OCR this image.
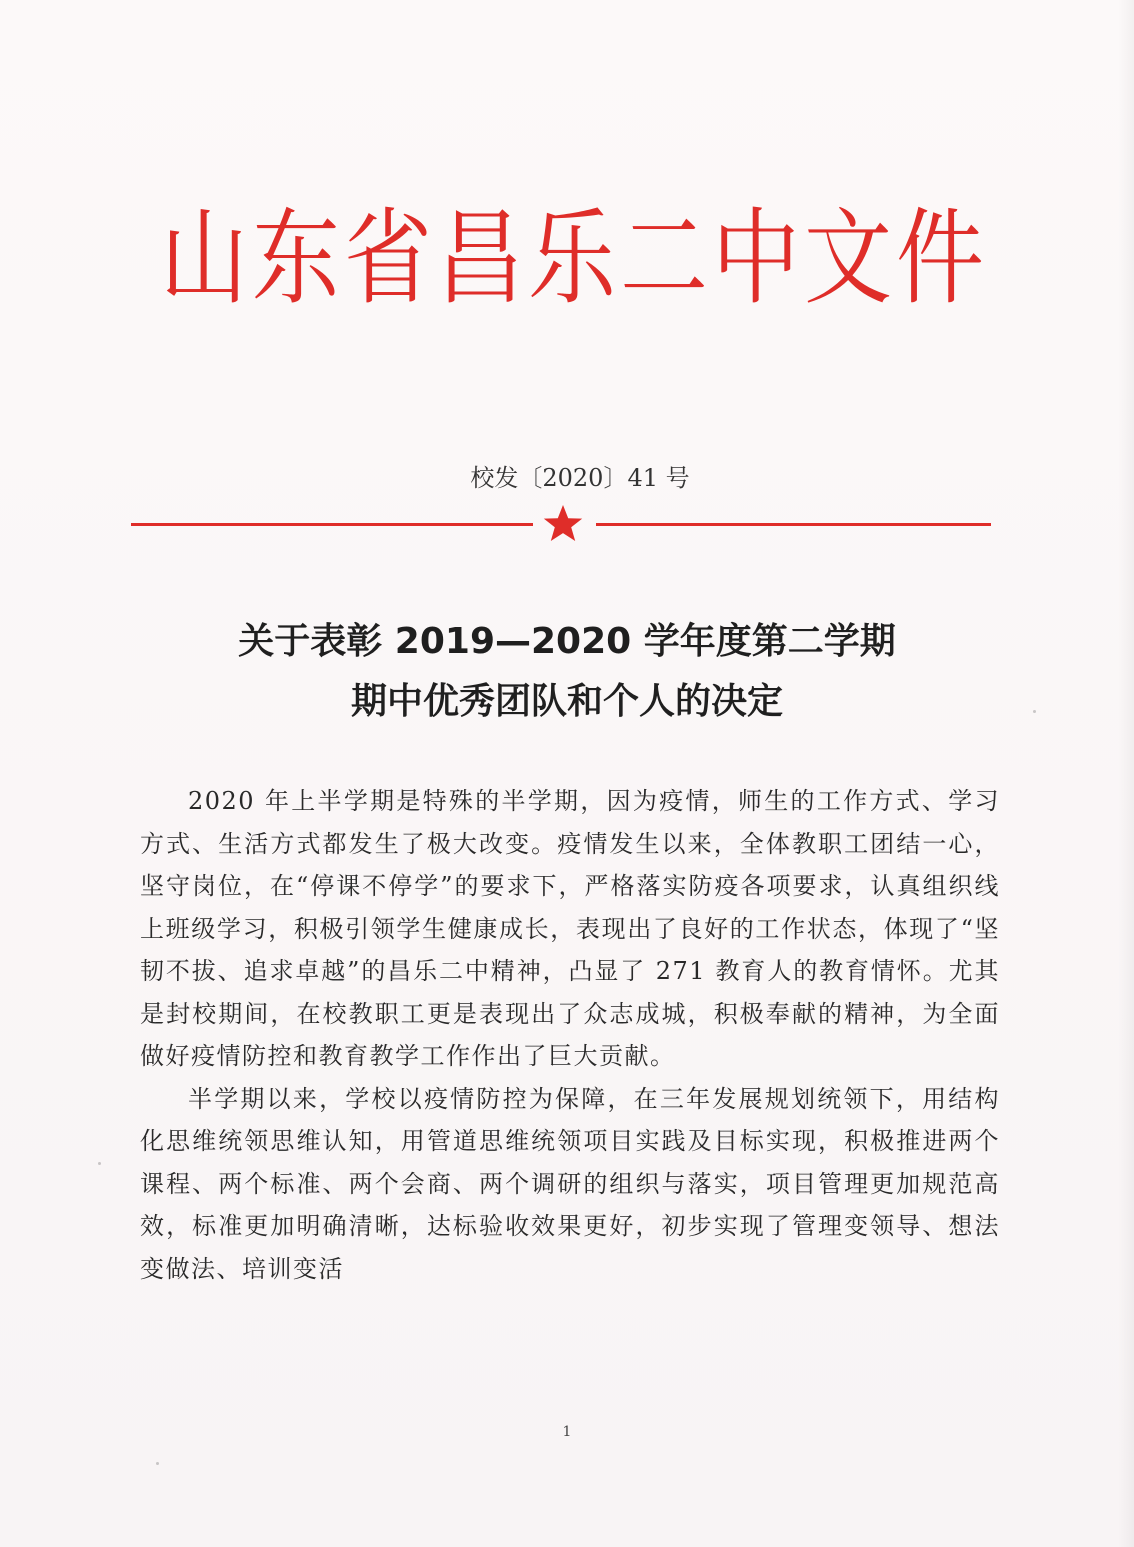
山东省昌乐二中文件
校发〔2020〕41 号
关于表彰 2019—2020 学年度第二学期
期中优秀团队和个人的决定

2020 年上半学期是特殊的半学期，因为疫情，师生的工作方式、学习方式、生活方式都发生了极大改变。疫情发生以来，全体教职工团结一心，坚守岗位，在“停课不停学”的要求下，严格落实防疫各项要求，认真组织线上班级学习，积极引领学生健康成长，表现出了良好的工作状态，体现了“坚韧不拔、追求卓越”的昌乐二中精神，凸显了 271 教育人的教育情怀。尤其是封校期间，在校教职工更是表现出了众志成城，积极奉献的精神，为全面做好疫情防控和教育教学工作作出了巨大贡献。

半学期以来，学校以疫情防控为保障，在三年发展规划统领下，用结构化思维统领思维认知，用管道思维统领项目实践及目标实现，积极推进两个课程、两个标准、两个会商、两个调研的组织与落实，项目管理更加规范高效，标准更加明确清晰，达标验收效果更好，初步实现了管理变领导、想法变做法、培训变活

1
